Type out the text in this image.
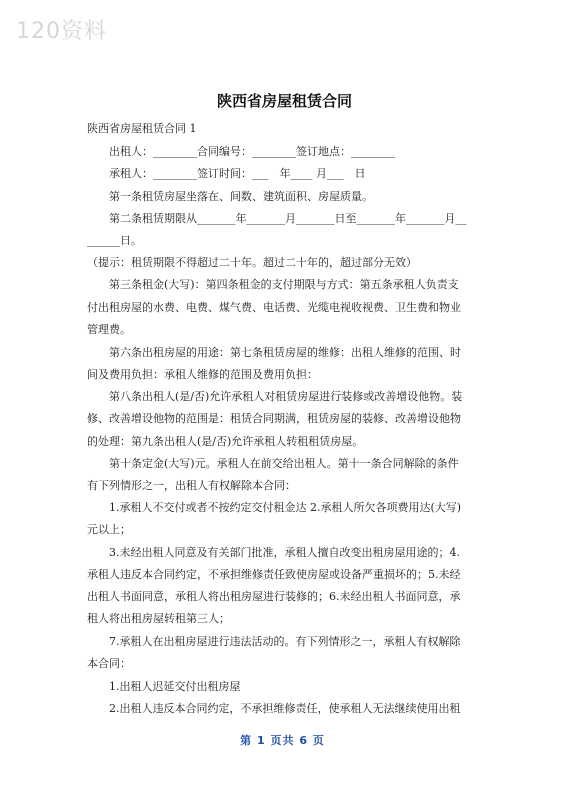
120资料
陕西省房屋租赁合同
陕西省房屋租赁合同 1
　　出租人：________合同编号：________签订地点：________
　　承租人：________签订时间：___　年____ 月___　日
　　第一条租赁房屋坐落在、间数、建筑面积、房屋质量。
　　第二条租赁期限从_______年_______月_______日至_______年_______月__
______日。
（提示：租赁期限不得超过二十年。超过二十年的，超过部分无效）
　　第三条租金(大写)：第四条租金的支付期限与方式：第五条承租人负责支
付出租房屋的水费、电费、煤气费、电话费、光缆电视收视费、卫生费和物业
管理费。
　　第六条出租房屋的用途：第七条租赁房屋的维修：出租人维修的范围、时
间及费用负担：承租人维修的范围及费用负担：
　　第八条出租人(是/否)允许承租人对租赁房屋进行装修或改善增设他物。装
修、改善增设他物的范围是：租赁合同期满，租赁房屋的装修、改善增设他物
的处理：第九条出租人(是/否)允许承租人转租租赁房屋。
　　第十条定金(大写)元。承租人在前交给出租人。第十一条合同解除的条件
有下列情形之一，出租人有权解除本合同：
　　1.承租人不交付或者不按约定交付租金达 2.承租人所欠各项费用达(大写)
元以上；
　　3.未经出租人同意及有关部门批准，承租人擅自改变出租房屋用途的；4.
承租人违反本合同约定，不承担维修责任致使房屋或设备严重损坏的；5.未经
出租人书面同意，承租人将出租房屋进行装修的；6.未经出租人书面同意，承
租人将出租房屋转租第三人；
　　7.承租人在出租房屋进行违法活动的。有下列情形之一，承租人有权解除
本合同：
　　1.出租人迟延交付出租房屋
　　2.出租人违反本合同约定，不承担维修责任，使承租人无法继续使用出租
第 1 页共 6 页
